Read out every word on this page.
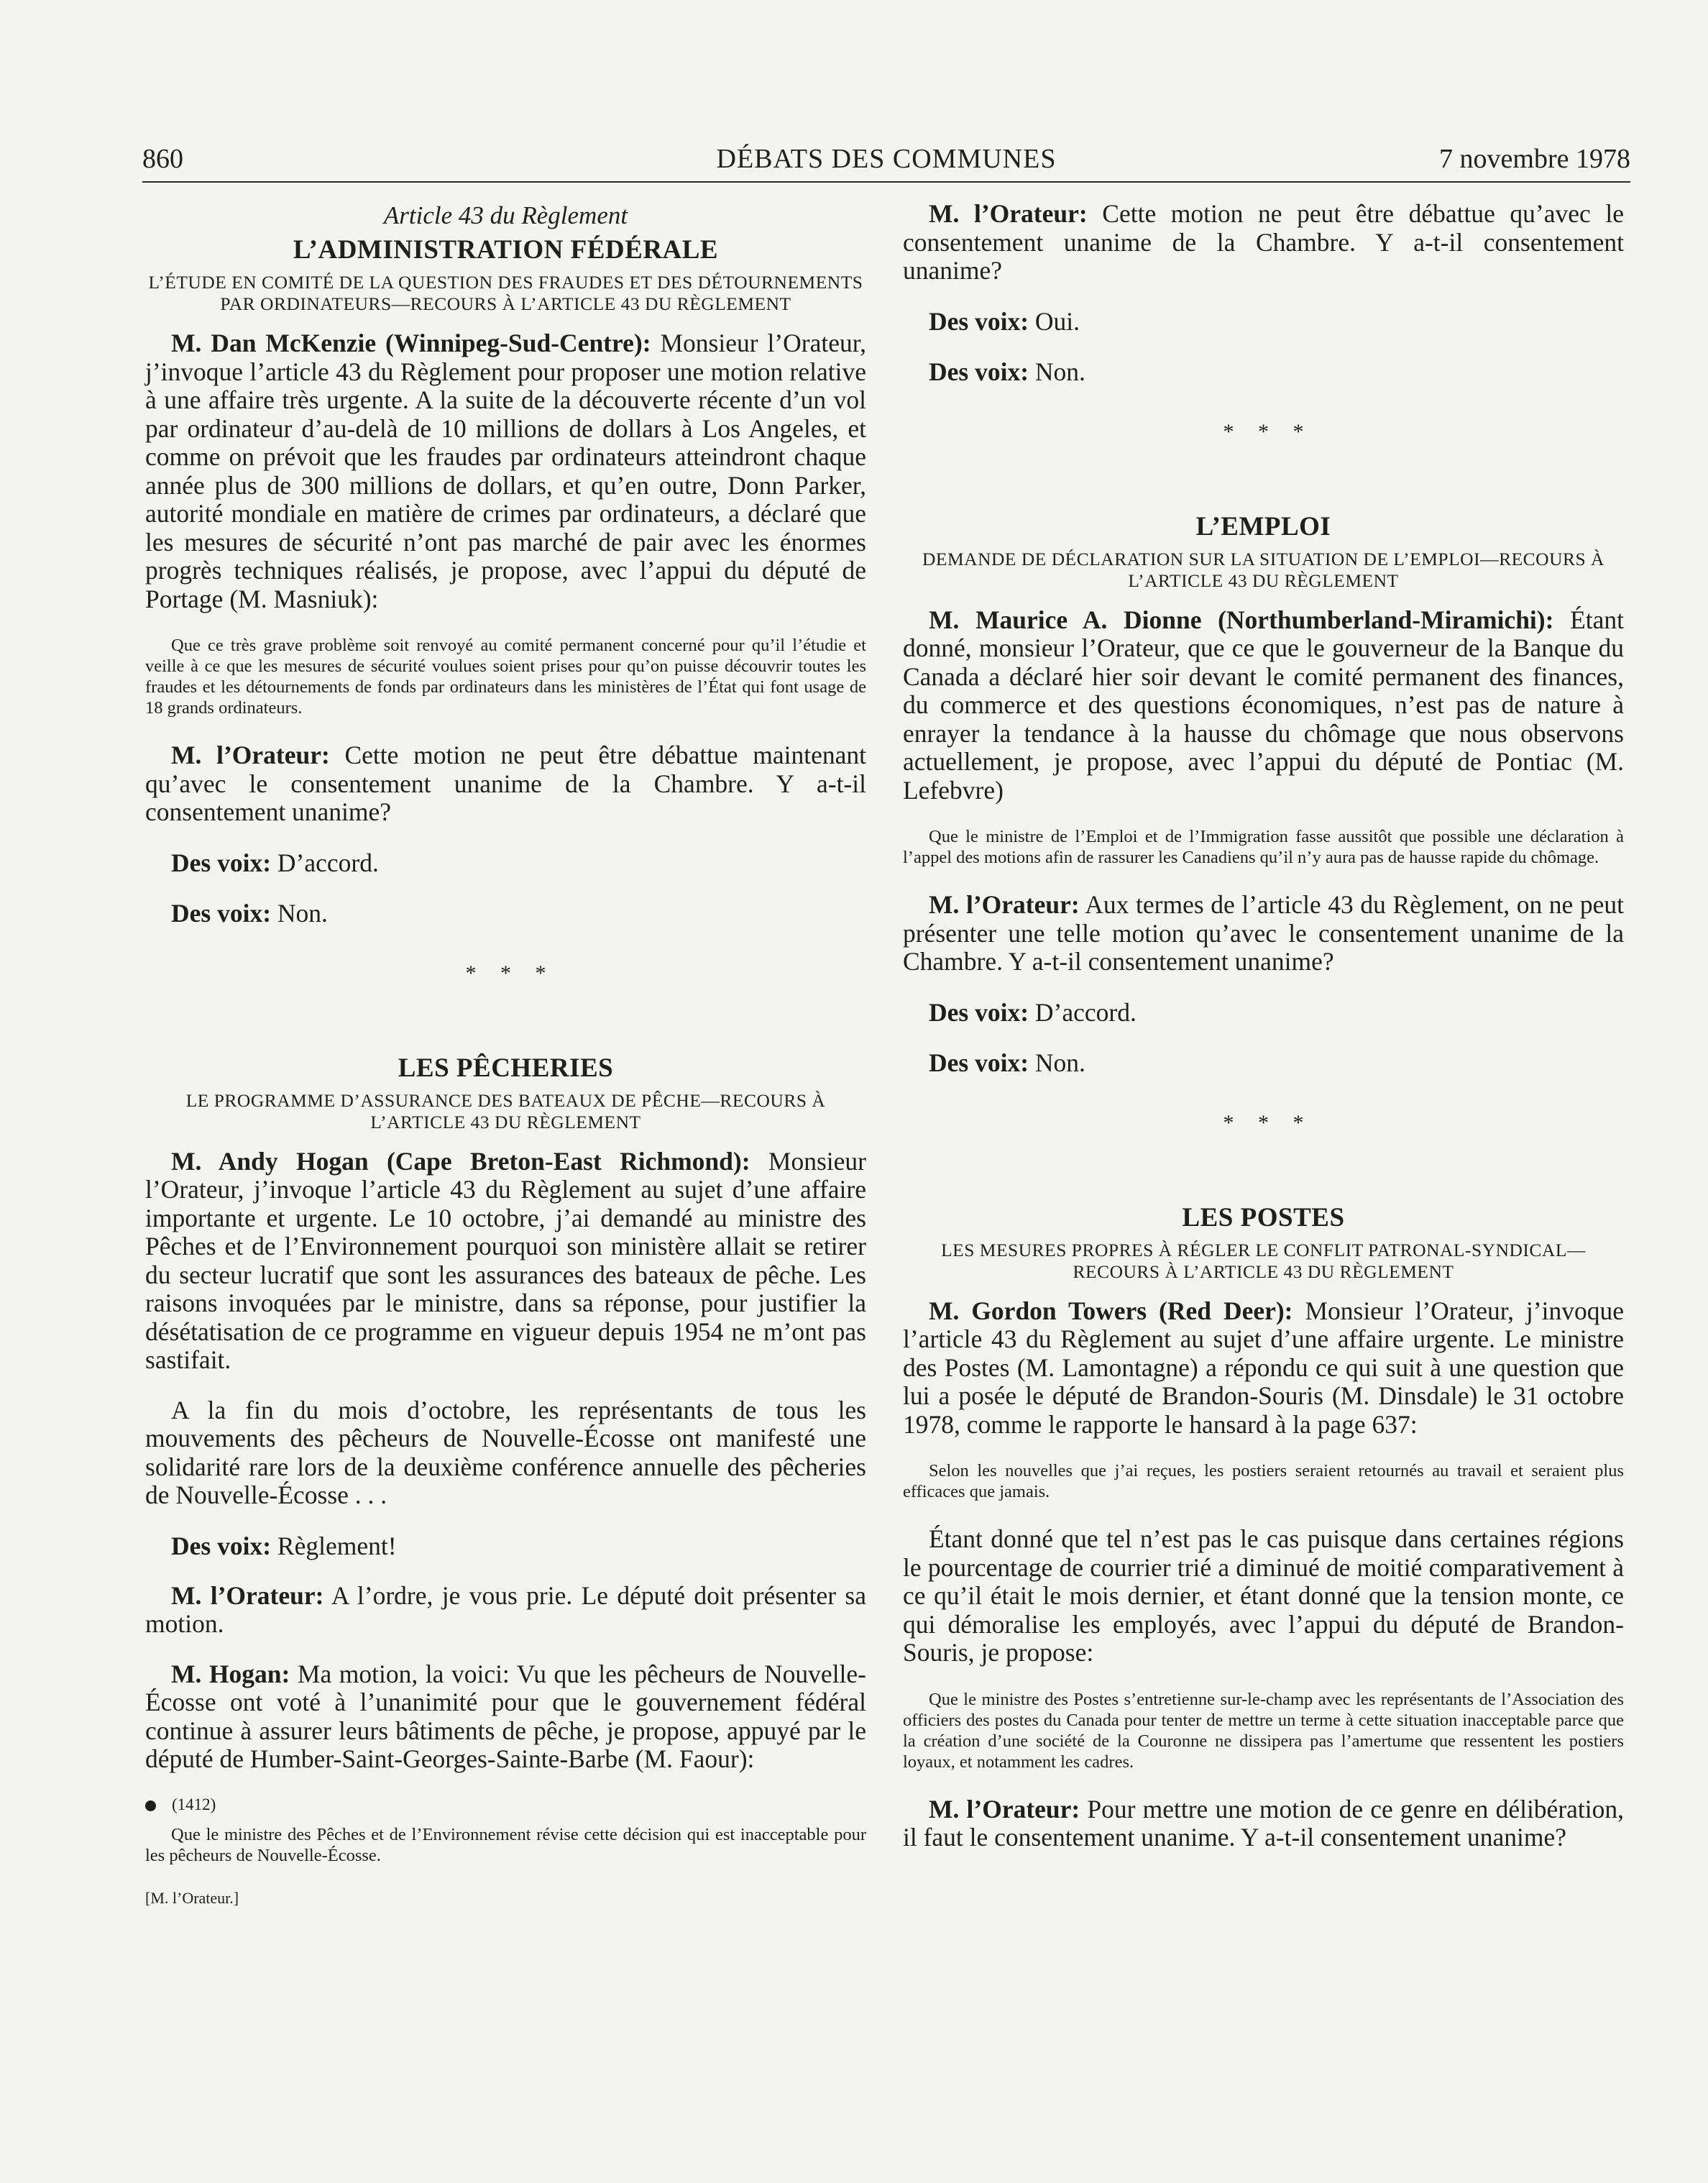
860	DÉBATS DES COMMUNES	7 novembre 1978

Article 43 du Règlement

L’ADMINISTRATION FÉDÉRALE

L’ÉTUDE EN COMITÉ DE LA QUESTION DES FRAUDES ET DES DÉTOURNEMENTS PAR ORDINATEURS—RECOURS À L’ARTICLE 43 DU RÈGLEMENT

M. Dan McKenzie (Winnipeg-Sud-Centre): Monsieur l’Orateur, j’invoque l’article 43 du Règlement pour proposer une motion relative à une affaire très urgente. A la suite de la découverte récente d’un vol par ordinateur d’au-delà de 10 millions de dollars à Los Angeles, et comme on prévoit que les fraudes par ordinateurs atteindront chaque année plus de 300 millions de dollars, et qu’en outre, Donn Parker, autorité mondiale en matière de crimes par ordinateurs, a déclaré que les mesures de sécurité n’ont pas marché de pair avec les énormes progrès techniques réalisés, je propose, avec l’appui du député de Portage (M. Masniuk):

Que ce très grave problème soit renvoyé au comité permanent concerné pour qu’il l’étudie et veille à ce que les mesures de sécurité voulues soient prises pour qu’on puisse découvrir toutes les fraudes et les détournements de fonds par ordinateurs dans les ministères de l’État qui font usage de 18 grands ordinateurs.

M. l’Orateur: Cette motion ne peut être débattue maintenant qu’avec le consentement unanime de la Chambre. Y a-t-il consentement unanime?

Des voix: D’accord.

Des voix: Non.

* * *

LES PÊCHERIES

LE PROGRAMME D’ASSURANCE DES BATEAUX DE PÊCHE—RECOURS À L’ARTICLE 43 DU RÈGLEMENT

M. Andy Hogan (Cape Breton-East Richmond): Monsieur l’Orateur, j’invoque l’article 43 du Règlement au sujet d’une affaire importante et urgente. Le 10 octobre, j’ai demandé au ministre des Pêches et de l’Environnement pourquoi son ministère allait se retirer du secteur lucratif que sont les assurances des bateaux de pêche. Les raisons invoquées par le ministre, dans sa réponse, pour justifier la désétatisation de ce programme en vigueur depuis 1954 ne m’ont pas sastifait.

A la fin du mois d’octobre, les représentants de tous les mouvements des pêcheurs de Nouvelle-Écosse ont manifesté une solidarité rare lors de la deuxième conférence annuelle des pêcheries de Nouvelle-Écosse . . .

Des voix: Règlement!

M. l’Orateur: A l’ordre, je vous prie. Le député doit présenter sa motion.

M. Hogan: Ma motion, la voici: Vu que les pêcheurs de Nouvelle-Écosse ont voté à l’unanimité pour que le gouvernement fédéral continue à assurer leurs bâtiments de pêche, je propose, appuyé par le député de Humber-Saint-Georges-Sainte-Barbe (M. Faour):

(1412)

Que le ministre des Pêches et de l’Environnement révise cette décision qui est inacceptable pour les pêcheurs de Nouvelle-Écosse.

[M. l’Orateur.]

M. l’Orateur: Cette motion ne peut être débattue qu’avec le consentement unanime de la Chambre. Y a-t-il consentement unanime?

Des voix: Oui.

Des voix: Non.

* * *

L’EMPLOI

DEMANDE DE DÉCLARATION SUR LA SITUATION DE L’EMPLOI—RECOURS À L’ARTICLE 43 DU RÈGLEMENT

M. Maurice A. Dionne (Northumberland-Miramichi): Étant donné, monsieur l’Orateur, que ce que le gouverneur de la Banque du Canada a déclaré hier soir devant le comité permanent des finances, du commerce et des questions économiques, n’est pas de nature à enrayer la tendance à la hausse du chômage que nous observons actuellement, je propose, avec l’appui du député de Pontiac (M. Lefebvre)

Que le ministre de l’Emploi et de l’Immigration fasse aussitôt que possible une déclaration à l’appel des motions afin de rassurer les Canadiens qu’il n’y aura pas de hausse rapide du chômage.

M. l’Orateur: Aux termes de l’article 43 du Règlement, on ne peut présenter une telle motion qu’avec le consentement unanime de la Chambre. Y a-t-il consentement unanime?

Des voix: D’accord.

Des voix: Non.

* * *

LES POSTES

LES MESURES PROPRES À RÉGLER LE CONFLIT PATRONAL-SYNDICAL—RECOURS À L’ARTICLE 43 DU RÈGLEMENT

M. Gordon Towers (Red Deer): Monsieur l’Orateur, j’invoque l’article 43 du Règlement au sujet d’une affaire urgente. Le ministre des Postes (M. Lamontagne) a répondu ce qui suit à une question que lui a posée le député de Brandon-Souris (M. Dinsdale) le 31 octobre 1978, comme le rapporte le hansard à la page 637:

Selon les nouvelles que j’ai reçues, les postiers seraient retournés au travail et seraient plus efficaces que jamais.

Étant donné que tel n’est pas le cas puisque dans certaines régions le pourcentage de courrier trié a diminué de moitié comparativement à ce qu’il était le mois dernier, et étant donné que la tension monte, ce qui démoralise les employés, avec l’appui du député de Brandon-Souris, je propose:

Que le ministre des Postes s’entretienne sur-le-champ avec les représentants de l’Association des officiers des postes du Canada pour tenter de mettre un terme à cette situation inacceptable parce que la création d’une société de la Couronne ne dissipera pas l’amertume que ressentent les postiers loyaux, et notamment les cadres.

M. l’Orateur: Pour mettre une motion de ce genre en délibération, il faut le consentement unanime. Y a-t-il consentement unanime?
